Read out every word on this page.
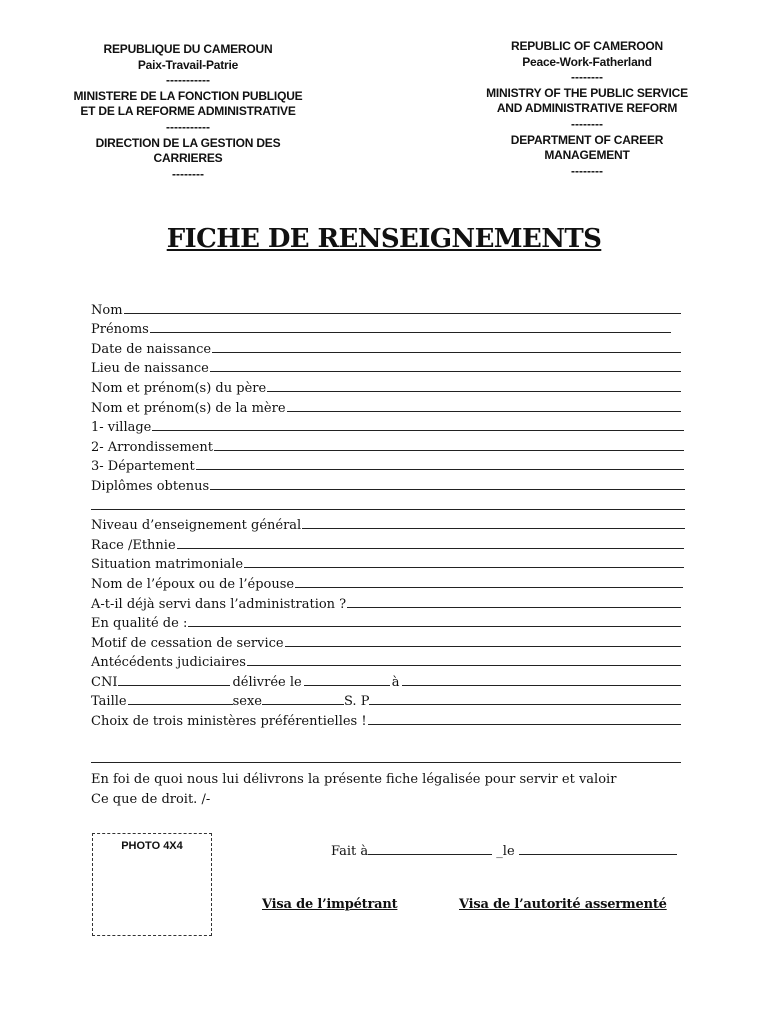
REPUBLIQUE DU CAMEROUN
Paix-Travail-Patrie
-----------
MINISTERE DE LA FONCTION PUBLIQUE
ET DE LA REFORME ADMINISTRATIVE
-----------
DIRECTION DE LA GESTION DES
CARRIERES
--------
REPUBLIC OF CAMEROON
Peace-Work-Fatherland
--------
MINISTRY OF THE PUBLIC SERVICE
AND ADMINISTRATIVE REFORM
--------
DEPARTMENT OF CAREER
MANAGEMENT
--------
FICHE DE RENSEIGNEMENTS
Nom
Prénoms
Date de naissance
Lieu de naissance
Nom et prénom(s) du père
Nom et prénom(s) de la mère
1- village
2- Arrondissement
3- Département
Diplômes obtenus
Niveau d’enseignement général
Race /Ethnie
Situation matrimoniale
Nom de l’époux ou de l’épouse
A-t-il déjà servi dans l’administration ?
En qualité de :
Motif de cessation de service
Antécédents judiciaires
CNI	délivrée le	à
Taille	sexe	S. P
Choix de trois ministères préférentielles !
En foi de quoi nous lui délivrons la présente fiche légalisée pour servir et valoir
Ce que de droit. /-
PHOTO 4X4	Fait à	_le
Visa de l’impétrant	Visa de l’autorité assermenté
